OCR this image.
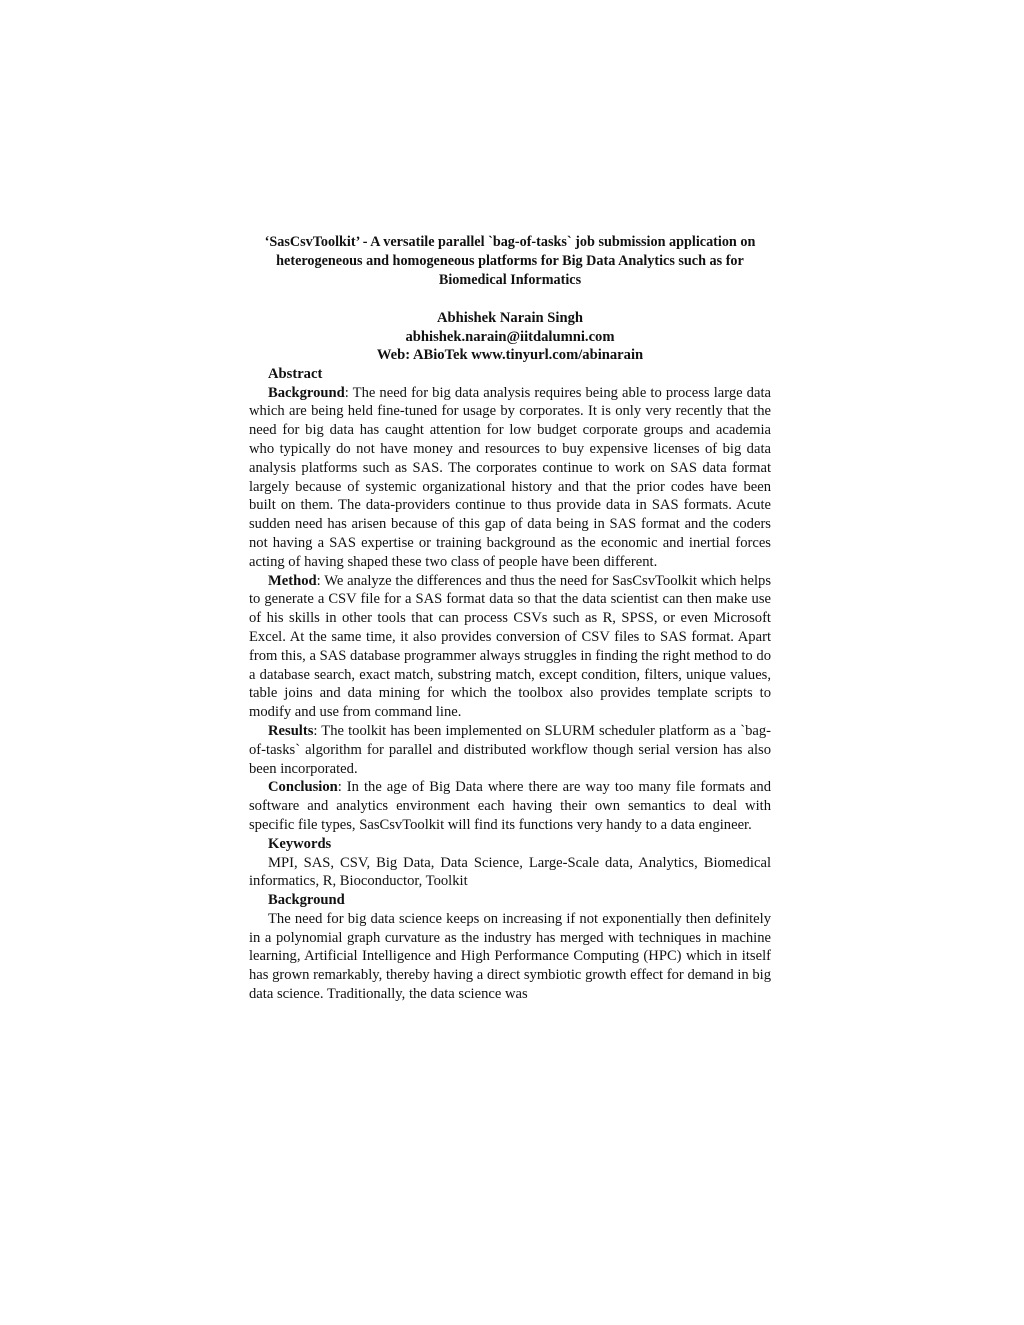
‘SasCsvToolkit’ - A versatile parallel `bag-of-tasks` job submission application on heterogeneous and homogeneous platforms for Big Data Analytics such as for Biomedical Informatics
Abhishek Narain Singh
abhishek.narain@iitdalumni.com
Web: ABioTek www.tinyurl.com/abinarain
Abstract

Background: The need for big data analysis requires being able to process large data which are being held fine-tuned for usage by corporates. It is only very recently that the need for big data has caught attention for low budget corporate groups and academia who typically do not have money and resources to buy expensive licenses of big data analysis platforms such as SAS. The corporates continue to work on SAS data format largely because of systemic organizational history and that the prior codes have been built on them. The data-providers continue to thus provide data in SAS formats. Acute sudden need has arisen because of this gap of data being in SAS format and the coders not having a SAS expertise or training background as the economic and inertial forces acting of having shaped these two class of people have been different.

Method: We analyze the differences and thus the need for SasCsvToolkit which helps to generate a CSV file for a SAS format data so that the data scientist can then make use of his skills in other tools that can process CSVs such as R, SPSS, or even Microsoft Excel. At the same time, it also provides conversion of CSV files to SAS format. Apart from this, a SAS database programmer always struggles in finding the right method to do a database search, exact match, substring match, except condition, filters, unique values, table joins and data mining for which the toolbox also provides template scripts to modify and use from command line.

Results: The toolkit has been implemented on SLURM scheduler platform as a `bag-of-tasks` algorithm for parallel and distributed workflow though serial version has also been incorporated.

Conclusion: In the age of Big Data where there are way too many file formats and software and analytics environment each having their own semantics to deal with specific file types, SasCsvToolkit will find its functions very handy to a data engineer.

Keywords

MPI, SAS, CSV, Big Data, Data Science, Large-Scale data, Analytics, Biomedical informatics, R, Bioconductor, Toolkit

Background

The need for big data science keeps on increasing if not exponentially then definitely in a polynomial graph curvature as the industry has merged with techniques in machine learning, Artificial Intelligence and High Performance Computing (HPC) which in itself has grown remarkably, thereby having a direct symbiotic growth effect for demand in big data science. Traditionally, the data science was
